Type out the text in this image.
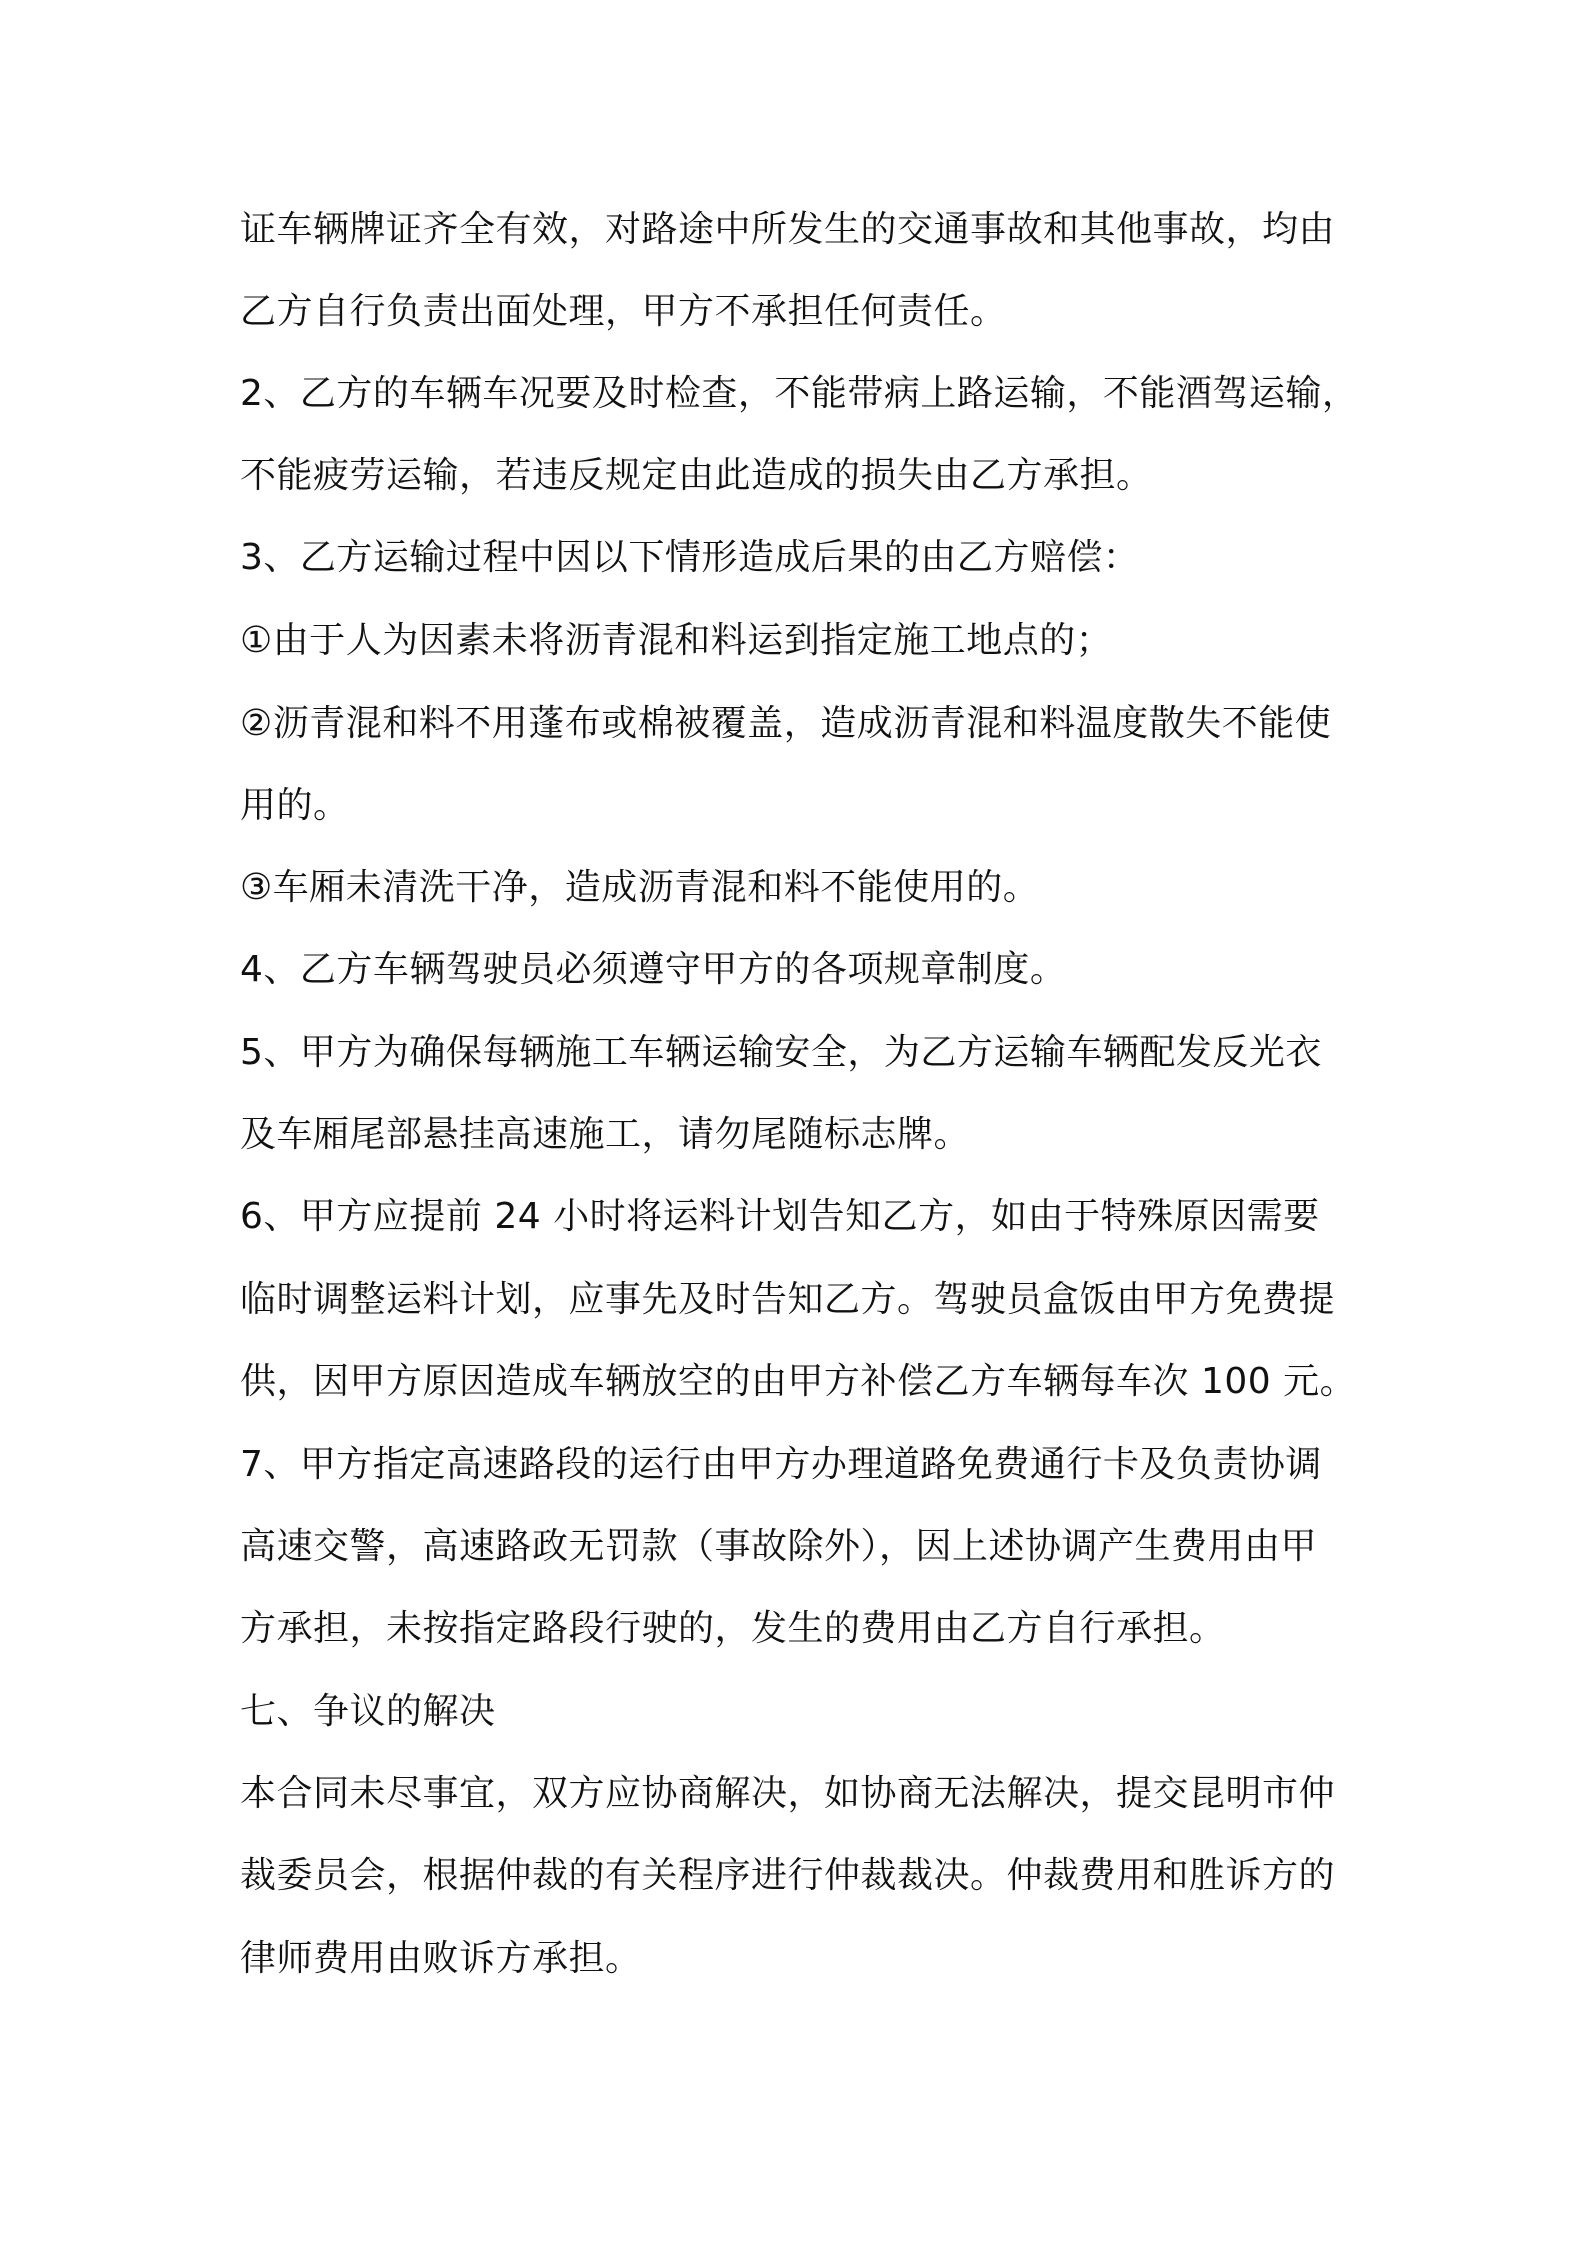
证车辆牌证齐全有效，对路途中所发生的交通事故和其他事故，均由
乙方自行负责出面处理，甲方不承担任何责任。
2、乙方的车辆车况要及时检查，不能带病上路运输，不能酒驾运输，
不能疲劳运输，若违反规定由此造成的损失由乙方承担。
3、乙方运输过程中因以下情形造成后果的由乙方赔偿：
①由于人为因素未将沥青混和料运到指定施工地点的；
②沥青混和料不用蓬布或棉被覆盖，造成沥青混和料温度散失不能使
用的。
③车厢未清洗干净，造成沥青混和料不能使用的。
4、乙方车辆驾驶员必须遵守甲方的各项规章制度。
5、甲方为确保每辆施工车辆运输安全，为乙方运输车辆配发反光衣
及车厢尾部悬挂高速施工，请勿尾随标志牌。
6、甲方应提前 24 小时将运料计划告知乙方，如由于特殊原因需要
临时调整运料计划，应事先及时告知乙方。驾驶员盒饭由甲方免费提
供，因甲方原因造成车辆放空的由甲方补偿乙方车辆每车次 100 元。
7、甲方指定高速路段的运行由甲方办理道路免费通行卡及负责协调
高速交警，高速路政无罚款（事故除外），因上述协调产生费用由甲
方承担，未按指定路段行驶的，发生的费用由乙方自行承担。
七、争议的解决
本合同未尽事宜，双方应协商解决，如协商无法解决，提交昆明市仲
裁委员会，根据仲裁的有关程序进行仲裁裁决。仲裁费用和胜诉方的
律师费用由败诉方承担。
